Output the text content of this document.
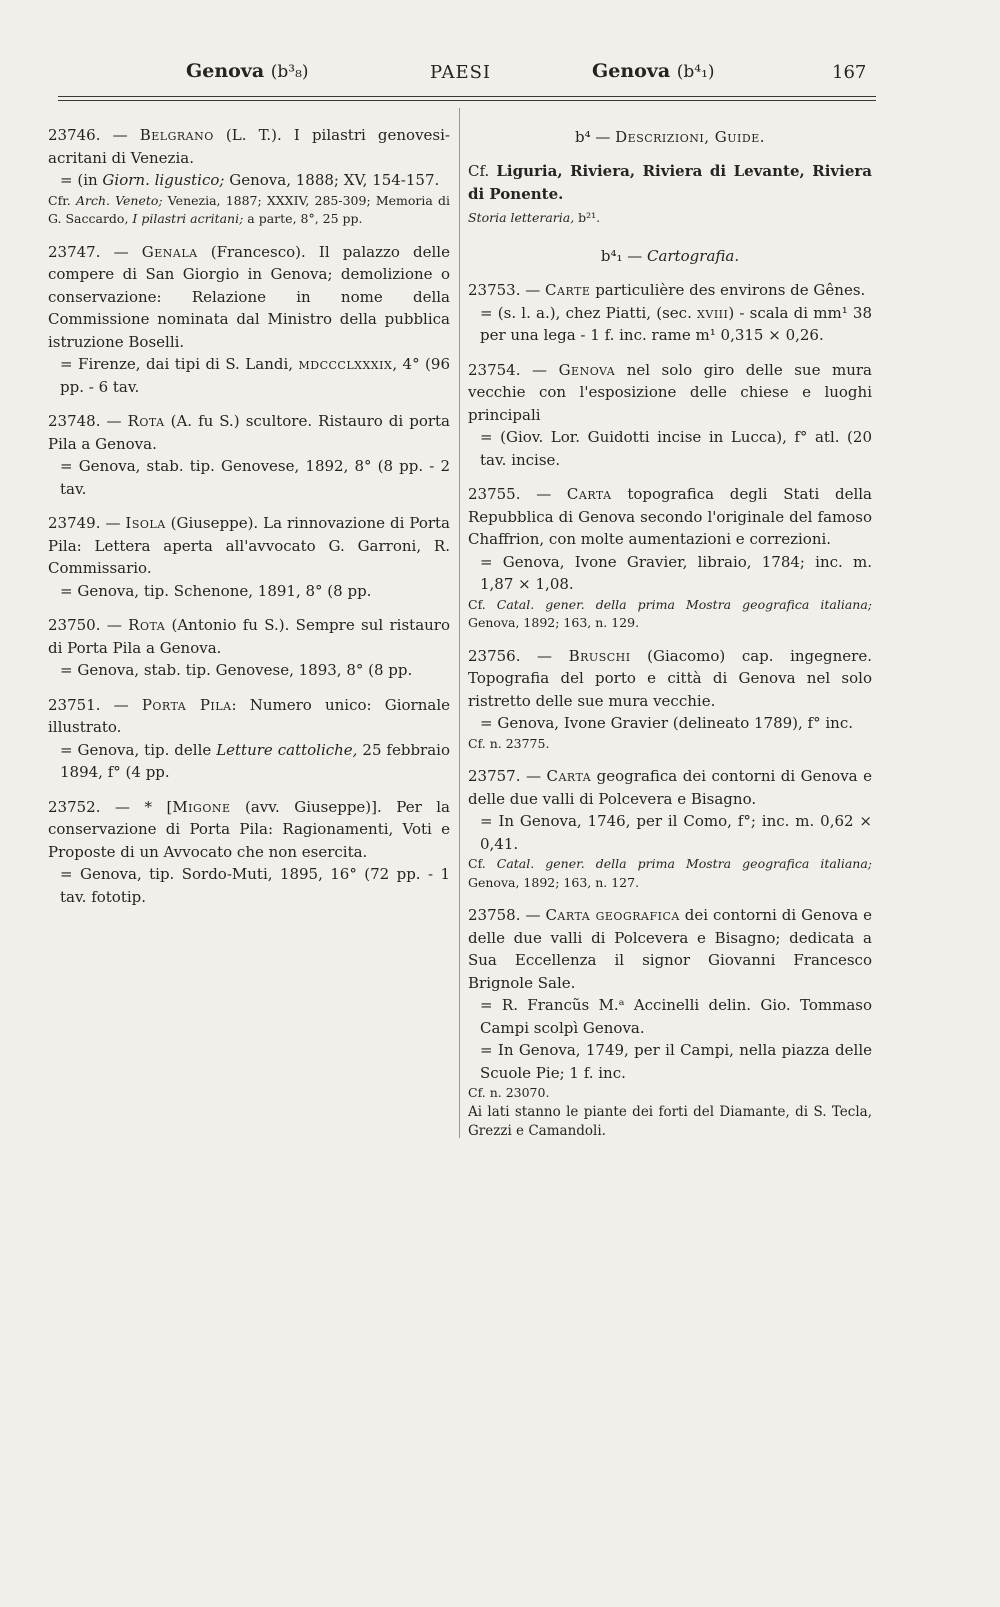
Genova (b³₈)	PAESI	Genova (b⁴₁)	167

23746. — Belgrano (L. T.). I pilastri genovesi-acritani di Venezia.

= (in Giorn. ligustico; Genova, 1888; XV, 154-157.

Cfr. Arch. Veneto; Venezia, 1887; XXXIV, 285-309; Memoria di G. Saccardo, I pilastri acritani; a parte, 8°, 25 pp.

23747. — Genala (Francesco). Il palazzo delle compere di San Giorgio in Genova; demolizione o conservazione: Relazione in nome della Commissione nominata dal Ministro della pubblica istruzione Boselli.

= Firenze, dai tipi di S. Landi, mdccclxxxix, 4° (96 pp. - 6 tav.

23748. — Rota (A. fu S.) scultore. Ristauro di porta Pila a Genova.

= Genova, stab. tip. Genovese, 1892, 8° (8 pp. - 2 tav.

23749. — Isola (Giuseppe). La rinnovazione di Porta Pila: Lettera aperta all'avvocato G. Garroni, R. Commissario.

= Genova, tip. Schenone, 1891, 8° (8 pp.

23750. — Rota (Antonio fu S.). Sempre sul ristauro di Porta Pila a Genova.

= Genova, stab. tip. Genovese, 1893, 8° (8 pp.

23751. — Porta Pila: Numero unico: Giornale illustrato.

= Genova, tip. delle Letture cattoliche, 25 febbraio 1894, f° (4 pp.

23752. — * [Migone (avv. Giuseppe)]. Per la conservazione di Porta Pila: Ragionamenti, Voti e Proposte di un Avvocato che non esercita.

= Genova, tip. Sordo-Muti, 1895, 16° (72 pp. - 1 tav. fototip.

b⁴ — Descrizioni, Guide.

Cf. Liguria, Riviera, Riviera di Levante, Riviera di Ponente.

Storia letteraria, b²¹.

b⁴₁ — Cartografia.

23753. — Carte particulière des environs de Gênes.

= (s. l. a.), chez Piatti, (sec. xviii) - scala di mm¹ 38 per una lega - 1 f. inc. rame m¹ 0,315 × 0,26.

23754. — Genova nel solo giro delle sue mura vecchie con l'esposizione delle chiese e luoghi principali

= (Giov. Lor. Guidotti incise in Lucca), f° atl. (20 tav. incise.

23755. — Carta topografica degli Stati della Repubblica di Genova secondo l'originale del famoso Chaffrion, con molte aumentazioni e correzioni.

= Genova, Ivone Gravier, libraio, 1784; inc. m. 1,87 × 1,08.

Cf. Catal. gener. della prima Mostra geografica italiana; Genova, 1892; 163, n. 129.

23756. — Bruschi (Giacomo) cap. ingegnere. Topografia del porto e città di Genova nel solo ristretto delle sue mura vecchie.

= Genova, Ivone Gravier (delineato 1789), f° inc.

Cf. n. 23775.

23757. — Carta geografica dei contorni di Genova e delle due valli di Polcevera e Bisagno.

= In Genova, 1746, per il Como, f°; inc. m. 0,62 × 0,41.

Cf. Catal. gener. della prima Mostra geografica italiana; Genova, 1892; 163, n. 127.

23758. — Carta geografica dei contorni di Genova e delle due valli di Polcevera e Bisagno; dedicata a Sua Eccellenza il signor Giovanni Francesco Brignole Sale.

= R. Francũs M.ᵃ Accinelli delin. Gio. Tommaso Campi scolpì Genova.

= In Genova, 1749, per il Campi, nella piazza delle Scuole Pie; 1 f. inc.

Cf. n. 23070.

Ai lati stanno le piante dei forti del Diamante, di S. Tecla, Grezzi e Camandoli.
